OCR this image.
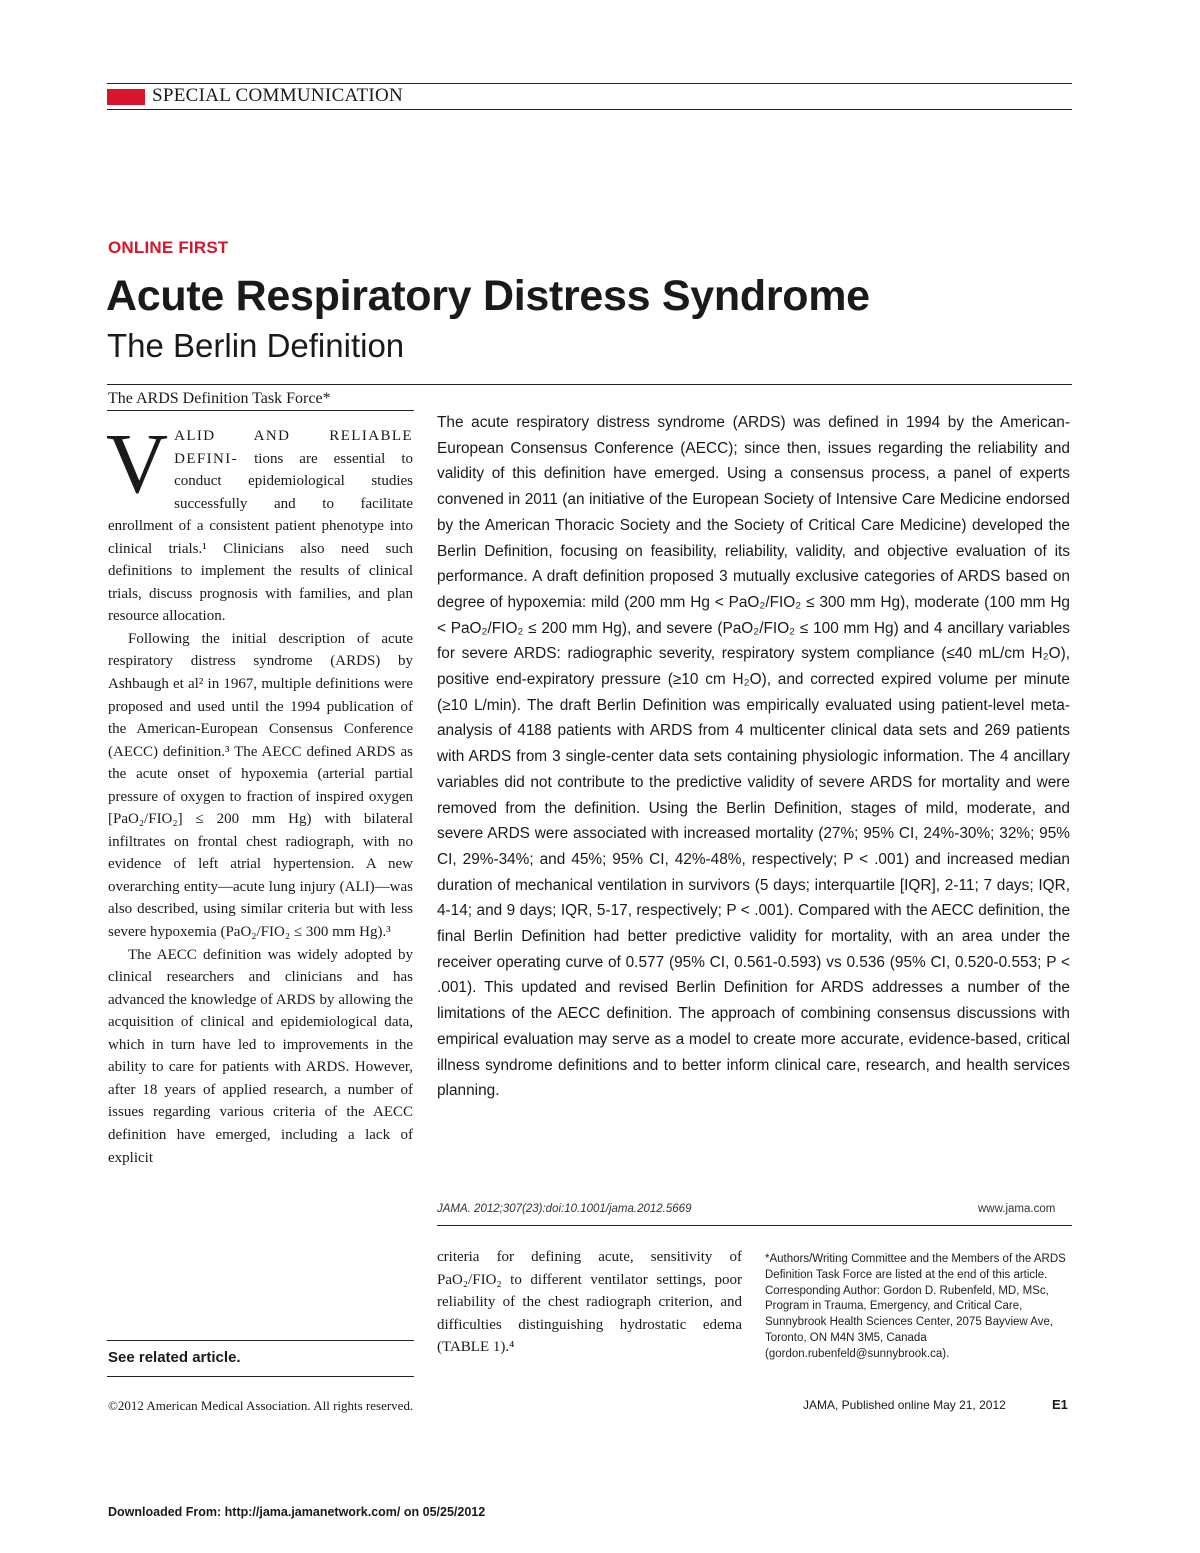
SPECIAL COMMUNICATION
ONLINE FIRST
Acute Respiratory Distress Syndrome
The Berlin Definition
The ARDS Definition Task Force*

VALID AND RELIABLE DEFINI- tions are essential to conduct epidemiological studies successfully and to facilitate enrollment of a consistent patient phenotype into clinical trials.¹ Clinicians also need such definitions to implement the results of clinical trials, discuss prognosis with families, and plan resource allocation.

Following the initial description of acute respiratory distress syndrome (ARDS) by Ashbaugh et al² in 1967, multiple definitions were proposed and used until the 1994 publication of the American-European Consensus Conference (AECC) definition.³ The AECC defined ARDS as the acute onset of hypoxemia (arterial partial pressure of oxygen to fraction of inspired oxygen [PaO₂/FIO₂] ≤ 200 mm Hg) with bilateral infiltrates on frontal chest radiograph, with no evidence of left atrial hypertension. A new overarching entity—acute lung injury (ALI)—was also described, using similar criteria but with less severe hypoxemia (PaO₂/FIO₂ ≤ 300 mm Hg).³

The AECC definition was widely adopted by clinical researchers and clinicians and has advanced the knowledge of ARDS by allowing the acquisition of clinical and epidemiological data, which in turn have led to improvements in the ability to care for patients with ARDS. However, after 18 years of applied research, a number of issues regarding various criteria of the AECC definition have emerged, including a lack of explicit

See related article.

The acute respiratory distress syndrome (ARDS) was defined in 1994 by the American-European Consensus Conference (AECC); since then, issues regarding the reliability and validity of this definition have emerged. Using a consensus process, a panel of experts convened in 2011 (an initiative of the European Society of Intensive Care Medicine endorsed by the American Thoracic Society and the Society of Critical Care Medicine) developed the Berlin Definition, focusing on feasibility, reliability, validity, and objective evaluation of its performance. A draft definition proposed 3 mutually exclusive categories of ARDS based on degree of hypoxemia: mild (200 mm Hg < PaO₂/FIO₂ ≤ 300 mm Hg), moderate (100 mm Hg < PaO₂/FIO₂ ≤ 200 mm Hg), and severe (PaO₂/FIO₂ ≤ 100 mm Hg) and 4 ancillary variables for severe ARDS: radiographic severity, respiratory system compliance (≤40 mL/cm H₂O), positive end-expiratory pressure (≥10 cm H₂O), and corrected expired volume per minute (≥10 L/min). The draft Berlin Definition was empirically evaluated using patient-level meta-analysis of 4188 patients with ARDS from 4 multicenter clinical data sets and 269 patients with ARDS from 3 single-center data sets containing physiologic information. The 4 ancillary variables did not contribute to the predictive validity of severe ARDS for mortality and were removed from the definition. Using the Berlin Definition, stages of mild, moderate, and severe ARDS were associated with increased mortality (27%; 95% CI, 24%-30%; 32%; 95% CI, 29%-34%; and 45%; 95% CI, 42%-48%, respectively; P < .001) and increased median duration of mechanical ventilation in survivors (5 days; interquartile [IQR], 2-11; 7 days; IQR, 4-14; and 9 days; IQR, 5-17, respectively; P < .001). Compared with the AECC definition, the final Berlin Definition had better predictive validity for mortality, with an area under the receiver operating curve of 0.577 (95% CI, 0.561-0.593) vs 0.536 (95% CI, 0.520-0.553; P < .001). This updated and revised Berlin Definition for ARDS addresses a number of the limitations of the AECC definition. The approach of combining consensus discussions with empirical evaluation may serve as a model to create more accurate, evidence-based, critical illness syndrome definitions and to better inform clinical care, research, and health services planning.

JAMA. 2012;307(23):doi:10.1001/jama.2012.5669	www.jama.com

criteria for defining acute, sensitivity of PaO₂/FIO₂ to different ventilator settings, poor reliability of the chest radiograph criterion, and difficulties distinguishing hydrostatic edema (TABLE 1).⁴

*Authors/Writing Committee and the Members of the ARDS Definition Task Force are listed at the end of this article.

Corresponding Author: Gordon D. Rubenfeld, MD, MSc, Program in Trauma, Emergency, and Critical Care, Sunnybrook Health Sciences Center, 2075 Bayview Ave, Toronto, ON M4N 3M5, Canada (gordon.rubenfeld@sunnybrook.ca).

©2012 American Medical Association. All rights reserved.	JAMA, Published online May 21, 2012	E1
Downloaded From: http://jama.jamanetwork.com/ on 05/25/2012
